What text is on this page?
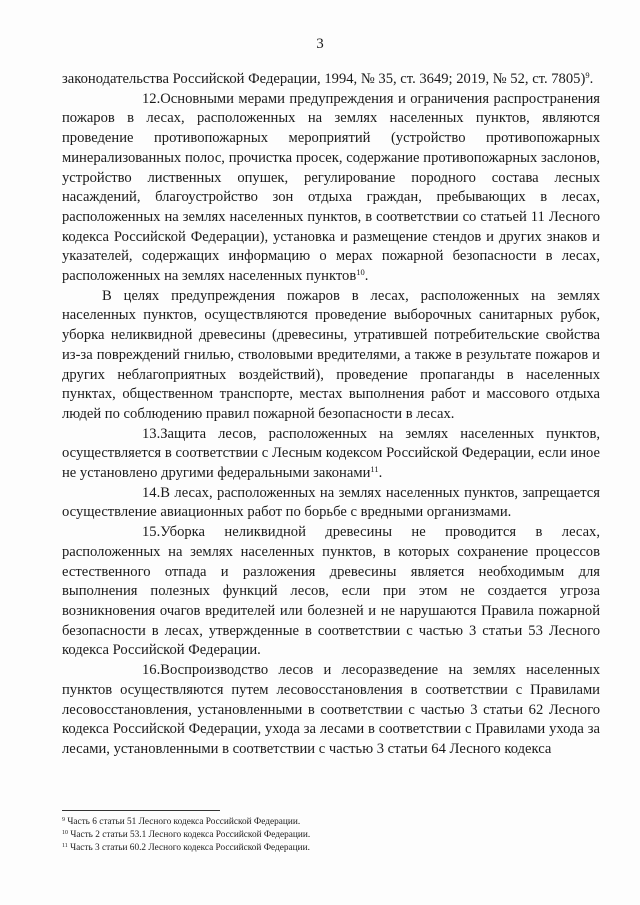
3

законодательства Российской Федерации, 1994, № 35, ст. 3649; 2019, № 52, ст. 7805)$^9$.

12.Основными мерами предупреждения и ограничения распространения пожаров в лесах, расположенных на землях населенных пунктов, являются проведение противопожарных мероприятий (устройство противопожарных минерализованных полос, прочистка просек, содержание противопожарных заслонов, устройство лиственных опушек, регулирование породного состава лесных насаждений, благоустройство зон отдыха граждан, пребывающих в лесах, расположенных на землях населенных пунктов, в соответствии со статьей 11 Лесного кодекса Российской Федерации), установка и размещение стендов и других знаков и указателей, содержащих информацию о мерах пожарной безопасности в лесах, расположенных на землях населенных пунктов$^{10}$.

В целях предупреждения пожаров в лесах, расположенных на землях населенных пунктов, осуществляются проведение выборочных санитарных рубок, уборка неликвидной древесины (древесины, утратившей потребительские свойства из-за повреждений гнилью, стволовыми вредителями, а также в результате пожаров и других неблагоприятных воздействий), проведение пропаганды в населенных пунктах, общественном транспорте, местах выполнения работ и массового отдыха людей по соблюдению правил пожарной безопасности в лесах.

13.Защита лесов, расположенных на землях населенных пунктов, осуществляется в соответствии с Лесным кодексом Российской Федерации, если иное не установлено другими федеральными законами$^{11}$.

14.В лесах, расположенных на землях населенных пунктов, запрещается осуществление авиационных работ по борьбе с вредными организмами.

15.Уборка неликвидной древесины не проводится в лесах, расположенных на землях населенных пунктов, в которых сохранение процессов естественного отпада и разложения древесины является необходимым для выполнения полезных функций лесов, если при этом не создается угроза возникновения очагов вредителей или болезней и не нарушаются Правила пожарной безопасности в лесах, утвержденные в соответствии с частью 3 статьи 53 Лесного кодекса Российской Федерации.

16.Воспроизводство лесов и лесоразведение на землях населенных пунктов осуществляются путем лесовосстановления в соответствии с Правилами лесовосстановления, установленными в соответствии с частью 3 статьи 62 Лесного кодекса Российской Федерации, ухода за лесами в соответствии с Правилами ухода за лесами, установленными в соответствии с частью 3 статьи 64 Лесного кодекса

$^9$ Часть 6 статьи 51 Лесного кодекса Российской Федерации.
$^{10}$ Часть 2 статьи 53.1 Лесного кодекса Российской Федерации.
$^{11}$ Часть 3 статьи 60.2 Лесного кодекса Российской Федерации.
